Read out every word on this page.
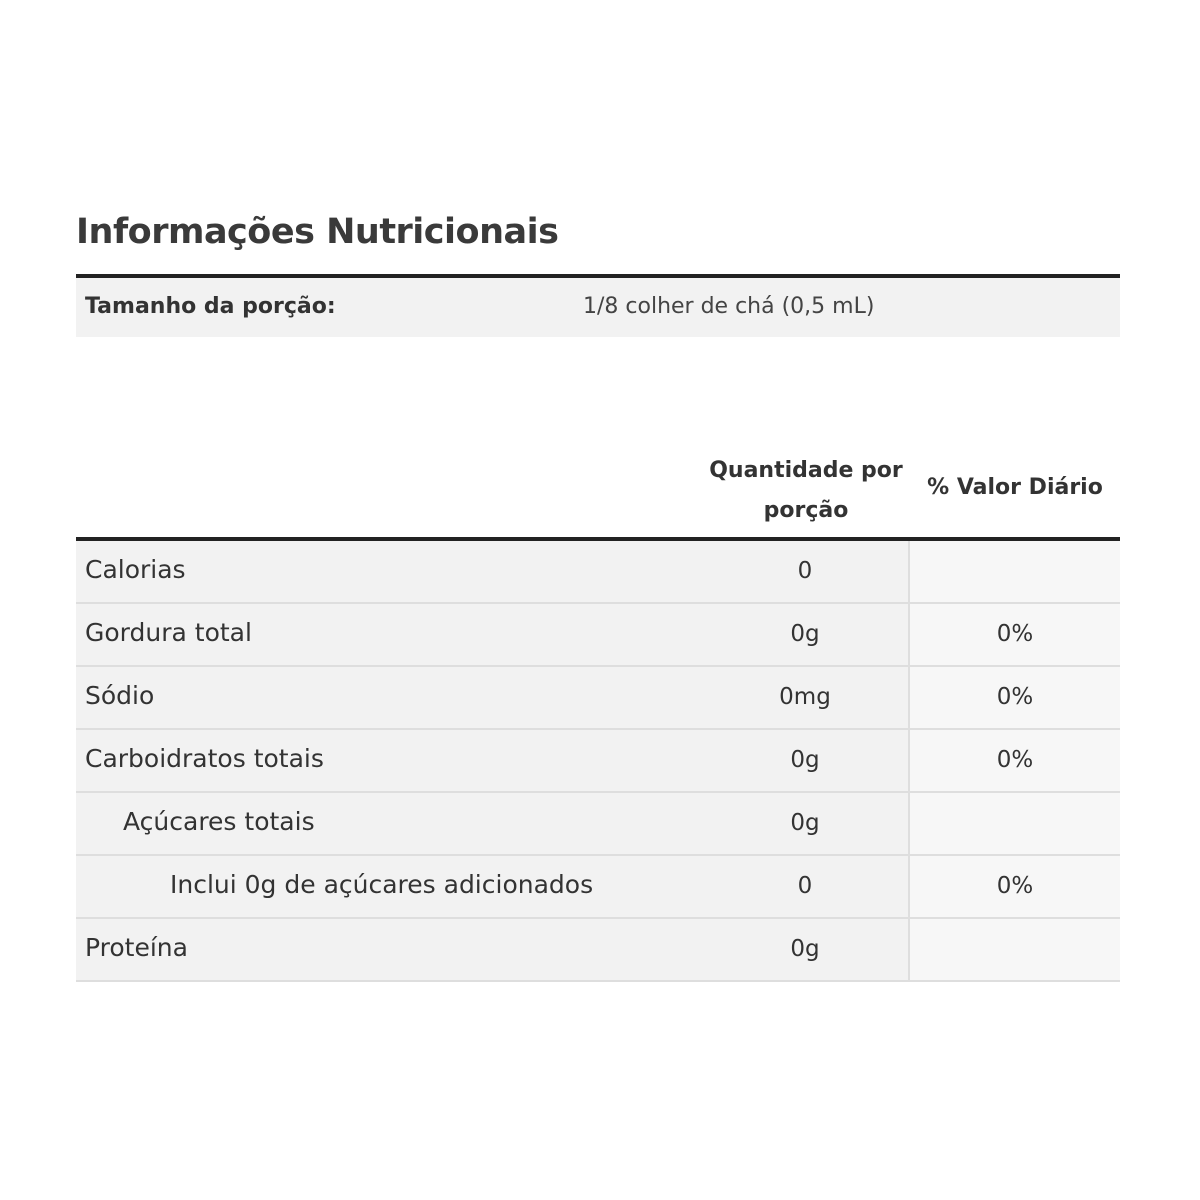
Informações Nutricionais
Tamanho da porção:	1/8 colher de chá (0,5 mL)
Quantidade por
porção
% Valor Diário
Calorias	0
Gordura total	0g	0%
Sódio	0mg	0%
Carboidratos totais	0g	0%
Açúcares totais	0g
Inclui 0g de açúcares adicionados	0	0%
Proteína	0g
